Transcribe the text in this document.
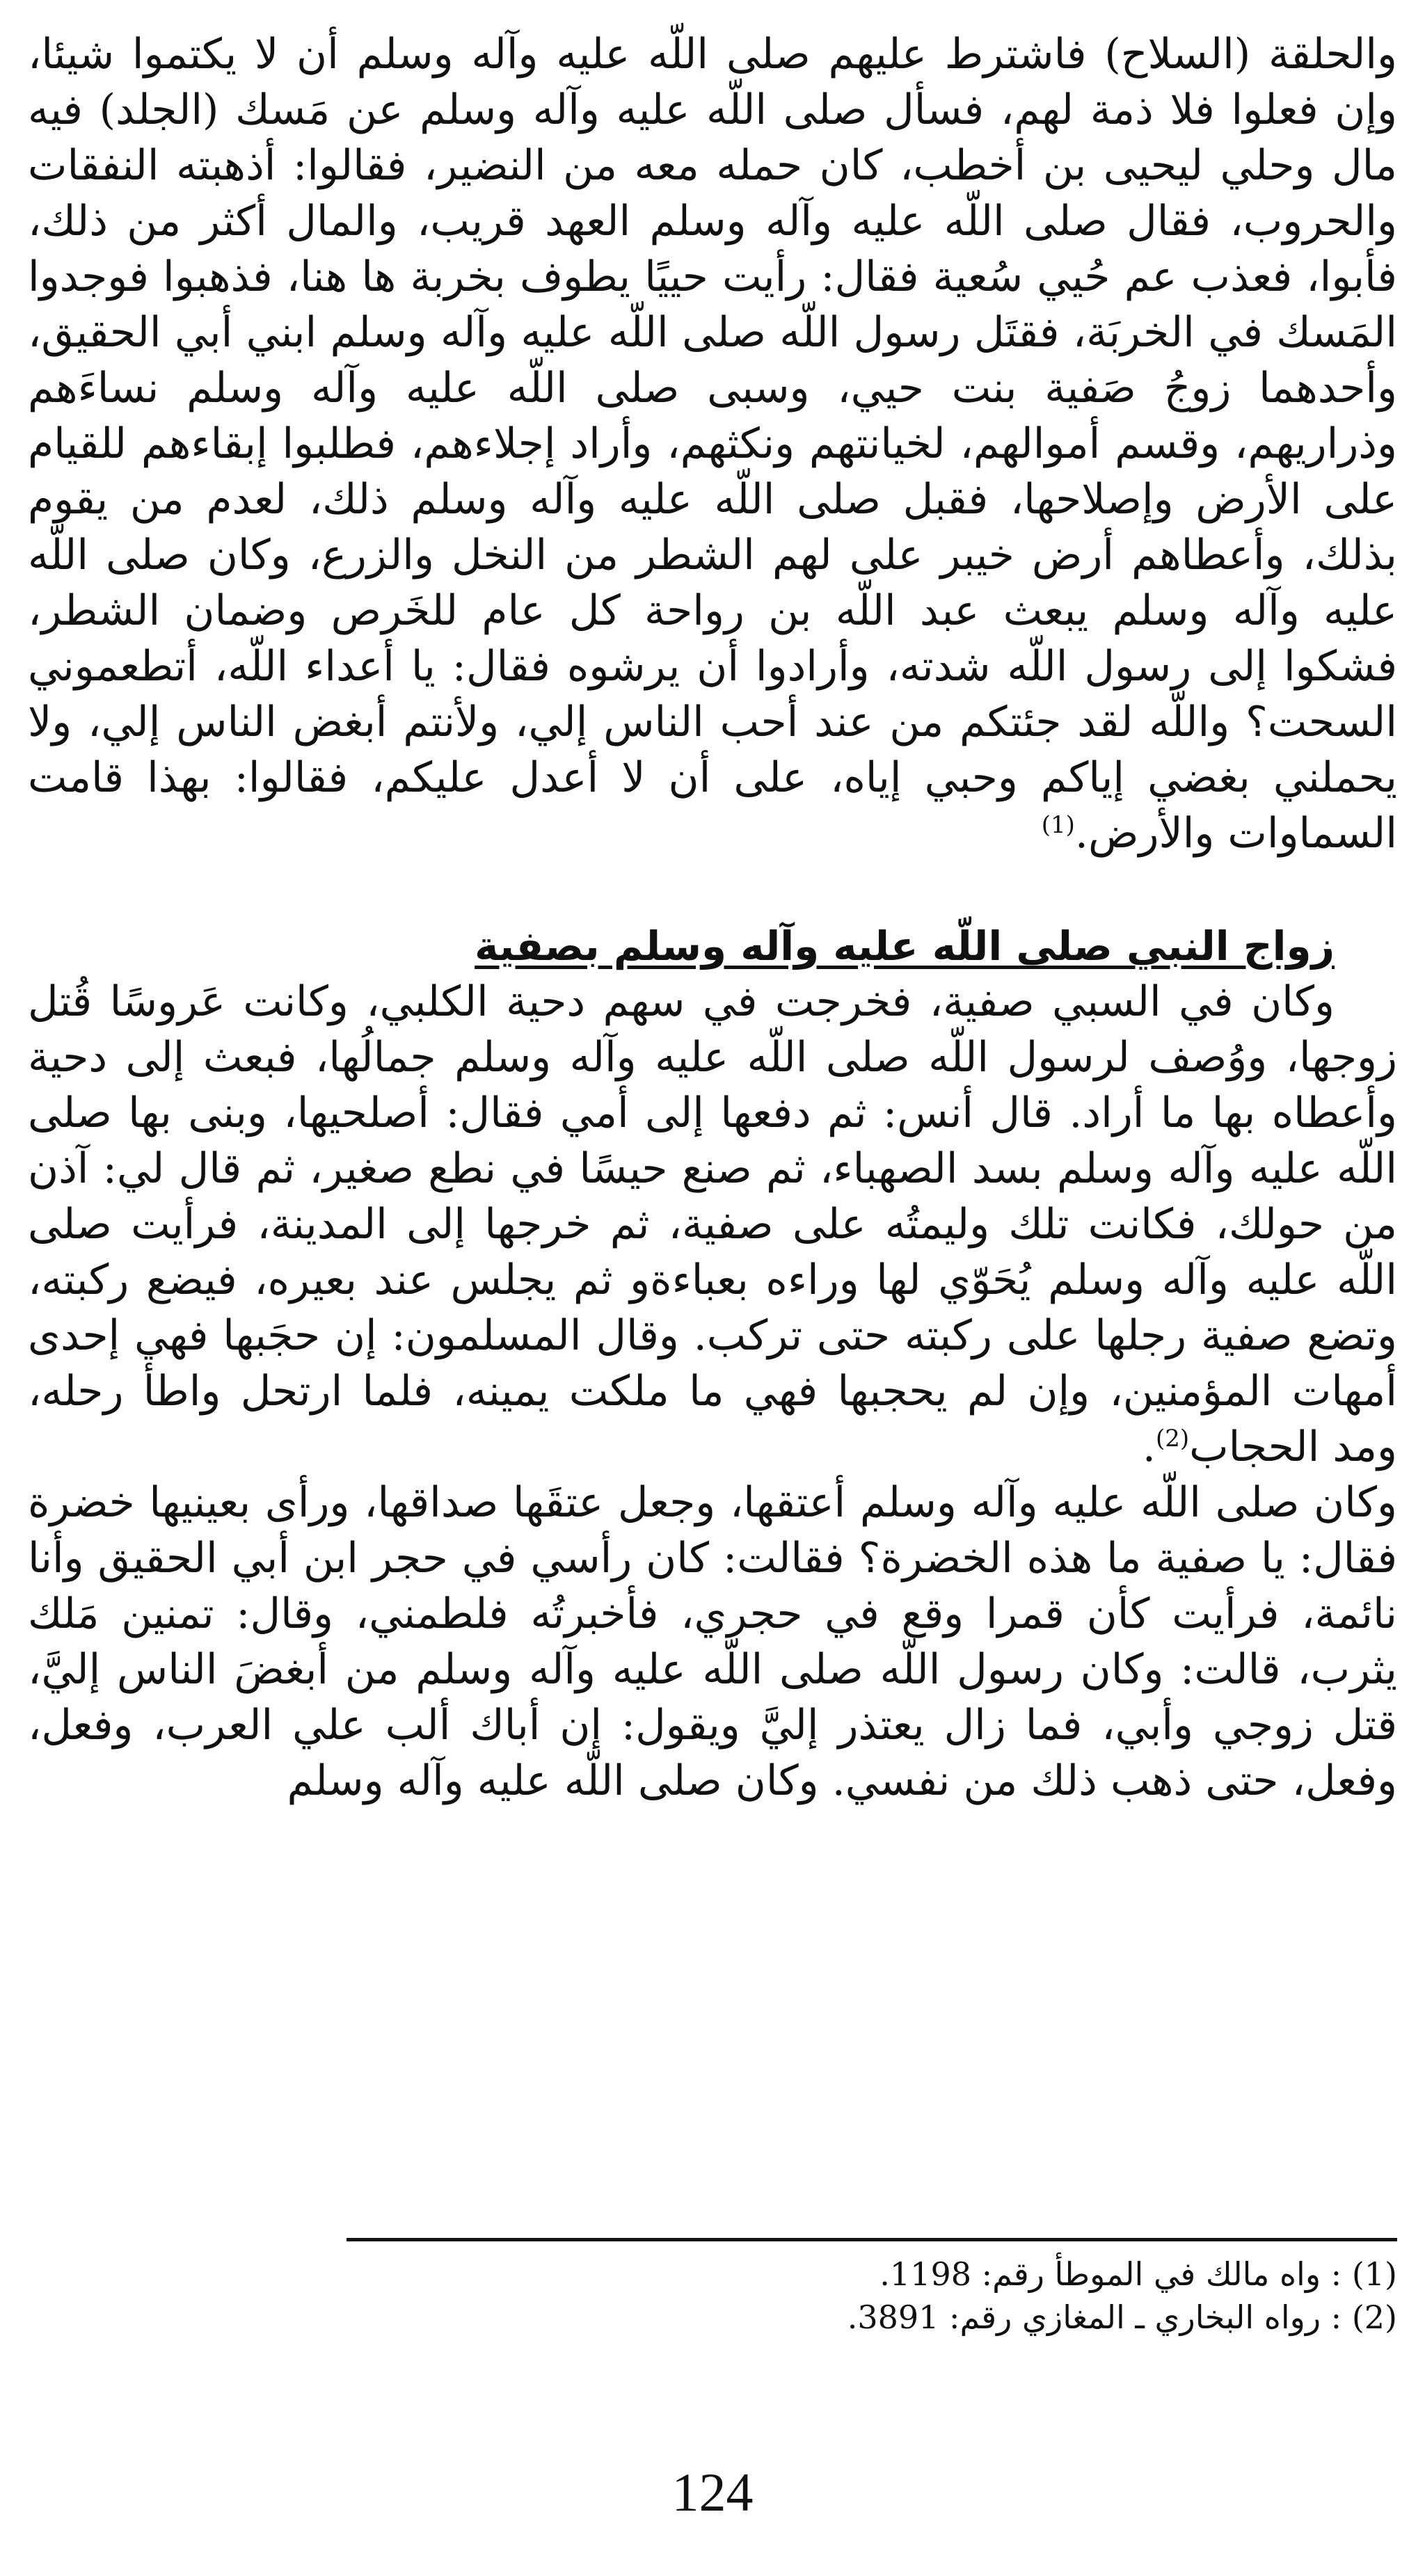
والحلقة (السلاح) فاشترط عليهم صلى اللّه عليه وآله وسلم أن لا يكتموا شيئا، وإن فعلوا فلا ذمة لهم، فسأل صلى اللّه عليه وآله وسلم عن مَسك (الجلد) فيه مال وحلي ليحيى بن أخطب، كان حمله معه من النضير، فقالوا: أذهبته النفقات والحروب، فقال صلى اللّه عليه وآله وسلم العهد قريب، والمال أكثر من ذلك، فأبوا، فعذب عم حُيي سُعية فقال: رأيت حييًا يطوف بخربة ها هنا، فذهبوا فوجدوا المَسك في الخربَة، فقتَل رسول اللّه صلى اللّه عليه وآله وسلم ابني أبي الحقيق، وأحدهما زوجُ صَفية بنت حيي، وسبى صلى اللّه عليه وآله وسلم نساءَهم وذراريهم، وقسم أموالهم، لخيانتهم ونكثهم، وأراد إجلاءهم، فطلبوا إبقاءهم للقيام على الأرض وإصلاحها، فقبل صلى اللّه عليه وآله وسلم ذلك، لعدم من يقوم بذلك، وأعطاهم أرض خيبر على لهم الشطر من النخل والزرع، وكان صلى اللّه عليه وآله وسلم يبعث عبد اللّه بن رواحة كل عام للخَرص وضمان الشطر، فشكوا إلى رسول اللّه شدته، وأرادوا أن يرشوه فقال: يا أعداء اللّه، أتطعموني السحت؟ واللّه لقد جئتكم من عند أحب الناس إلي، ولأنتم أبغض الناس إلي، ولا يحملني بغضي إياكم وحبي إياه، على أن لا أعدل عليكم، فقالوا: بهذا قامت السماوات والأرض.$^{(1)}$

زواج النبي صلى اللّه عليه وآله وسلم بصفية

وكان في السبي صفية، فخرجت في سهم دحية الكلبي، وكانت عَروسًا قُتل زوجها، ووُصف لرسول اللّه صلى اللّه عليه وآله وسلم جمالُها، فبعث إلى دحية وأعطاه بها ما أراد. قال أنس: ثم دفعها إلى أمي فقال: أصلحيها، وبنى بها صلى اللّه عليه وآله وسلم بسد الصهباء، ثم صنع حيسًا في نطع صغير، ثم قال لي: آذن من حولك، فكانت تلك وليمتُه على صفية، ثم خرجها إلى المدينة، فرأيت صلى اللّه عليه وآله وسلم يُحَوّي لها وراءه بعباءةو ثم يجلس عند بعيره، فيضع ركبته، وتضع صفية رجلها على ركبته حتى تركب. وقال المسلمون: إن حجَبها فهي إحدى أمهات المؤمنين، وإن لم يحجبها فهي ما ملكت يمينه، فلما ارتحل واطأ رحله، ومد الحجاب$^{(2)}$.

وكان صلى اللّه عليه وآله وسلم أعتقها، وجعل عتقَها صداقها، ورأى بعينيها خضرة فقال: يا صفية ما هذه الخضرة؟ فقالت: كان رأسي في حجر ابن أبي الحقيق وأنا نائمة، فرأيت كأن قمرا وقع في حجري، فأخبرتُه فلطمني، وقال: تمنين مَلك يثرب، قالت: وكان رسول اللّه صلى اللّه عليه وآله وسلم من أبغضَ الناس إليَّ، قتل زوجي وأبي، فما زال يعتذر إليَّ ويقول: إن أباك ألب علي العرب، وفعل، وفعل، حتى ذهب ذلك من نفسي. وكان صلى اللّه عليه وآله وسلم

(1) : واه مالك في الموطأ رقم: 1198.

(2) : رواه البخاري ـ المغازي رقم: 3891.

124
